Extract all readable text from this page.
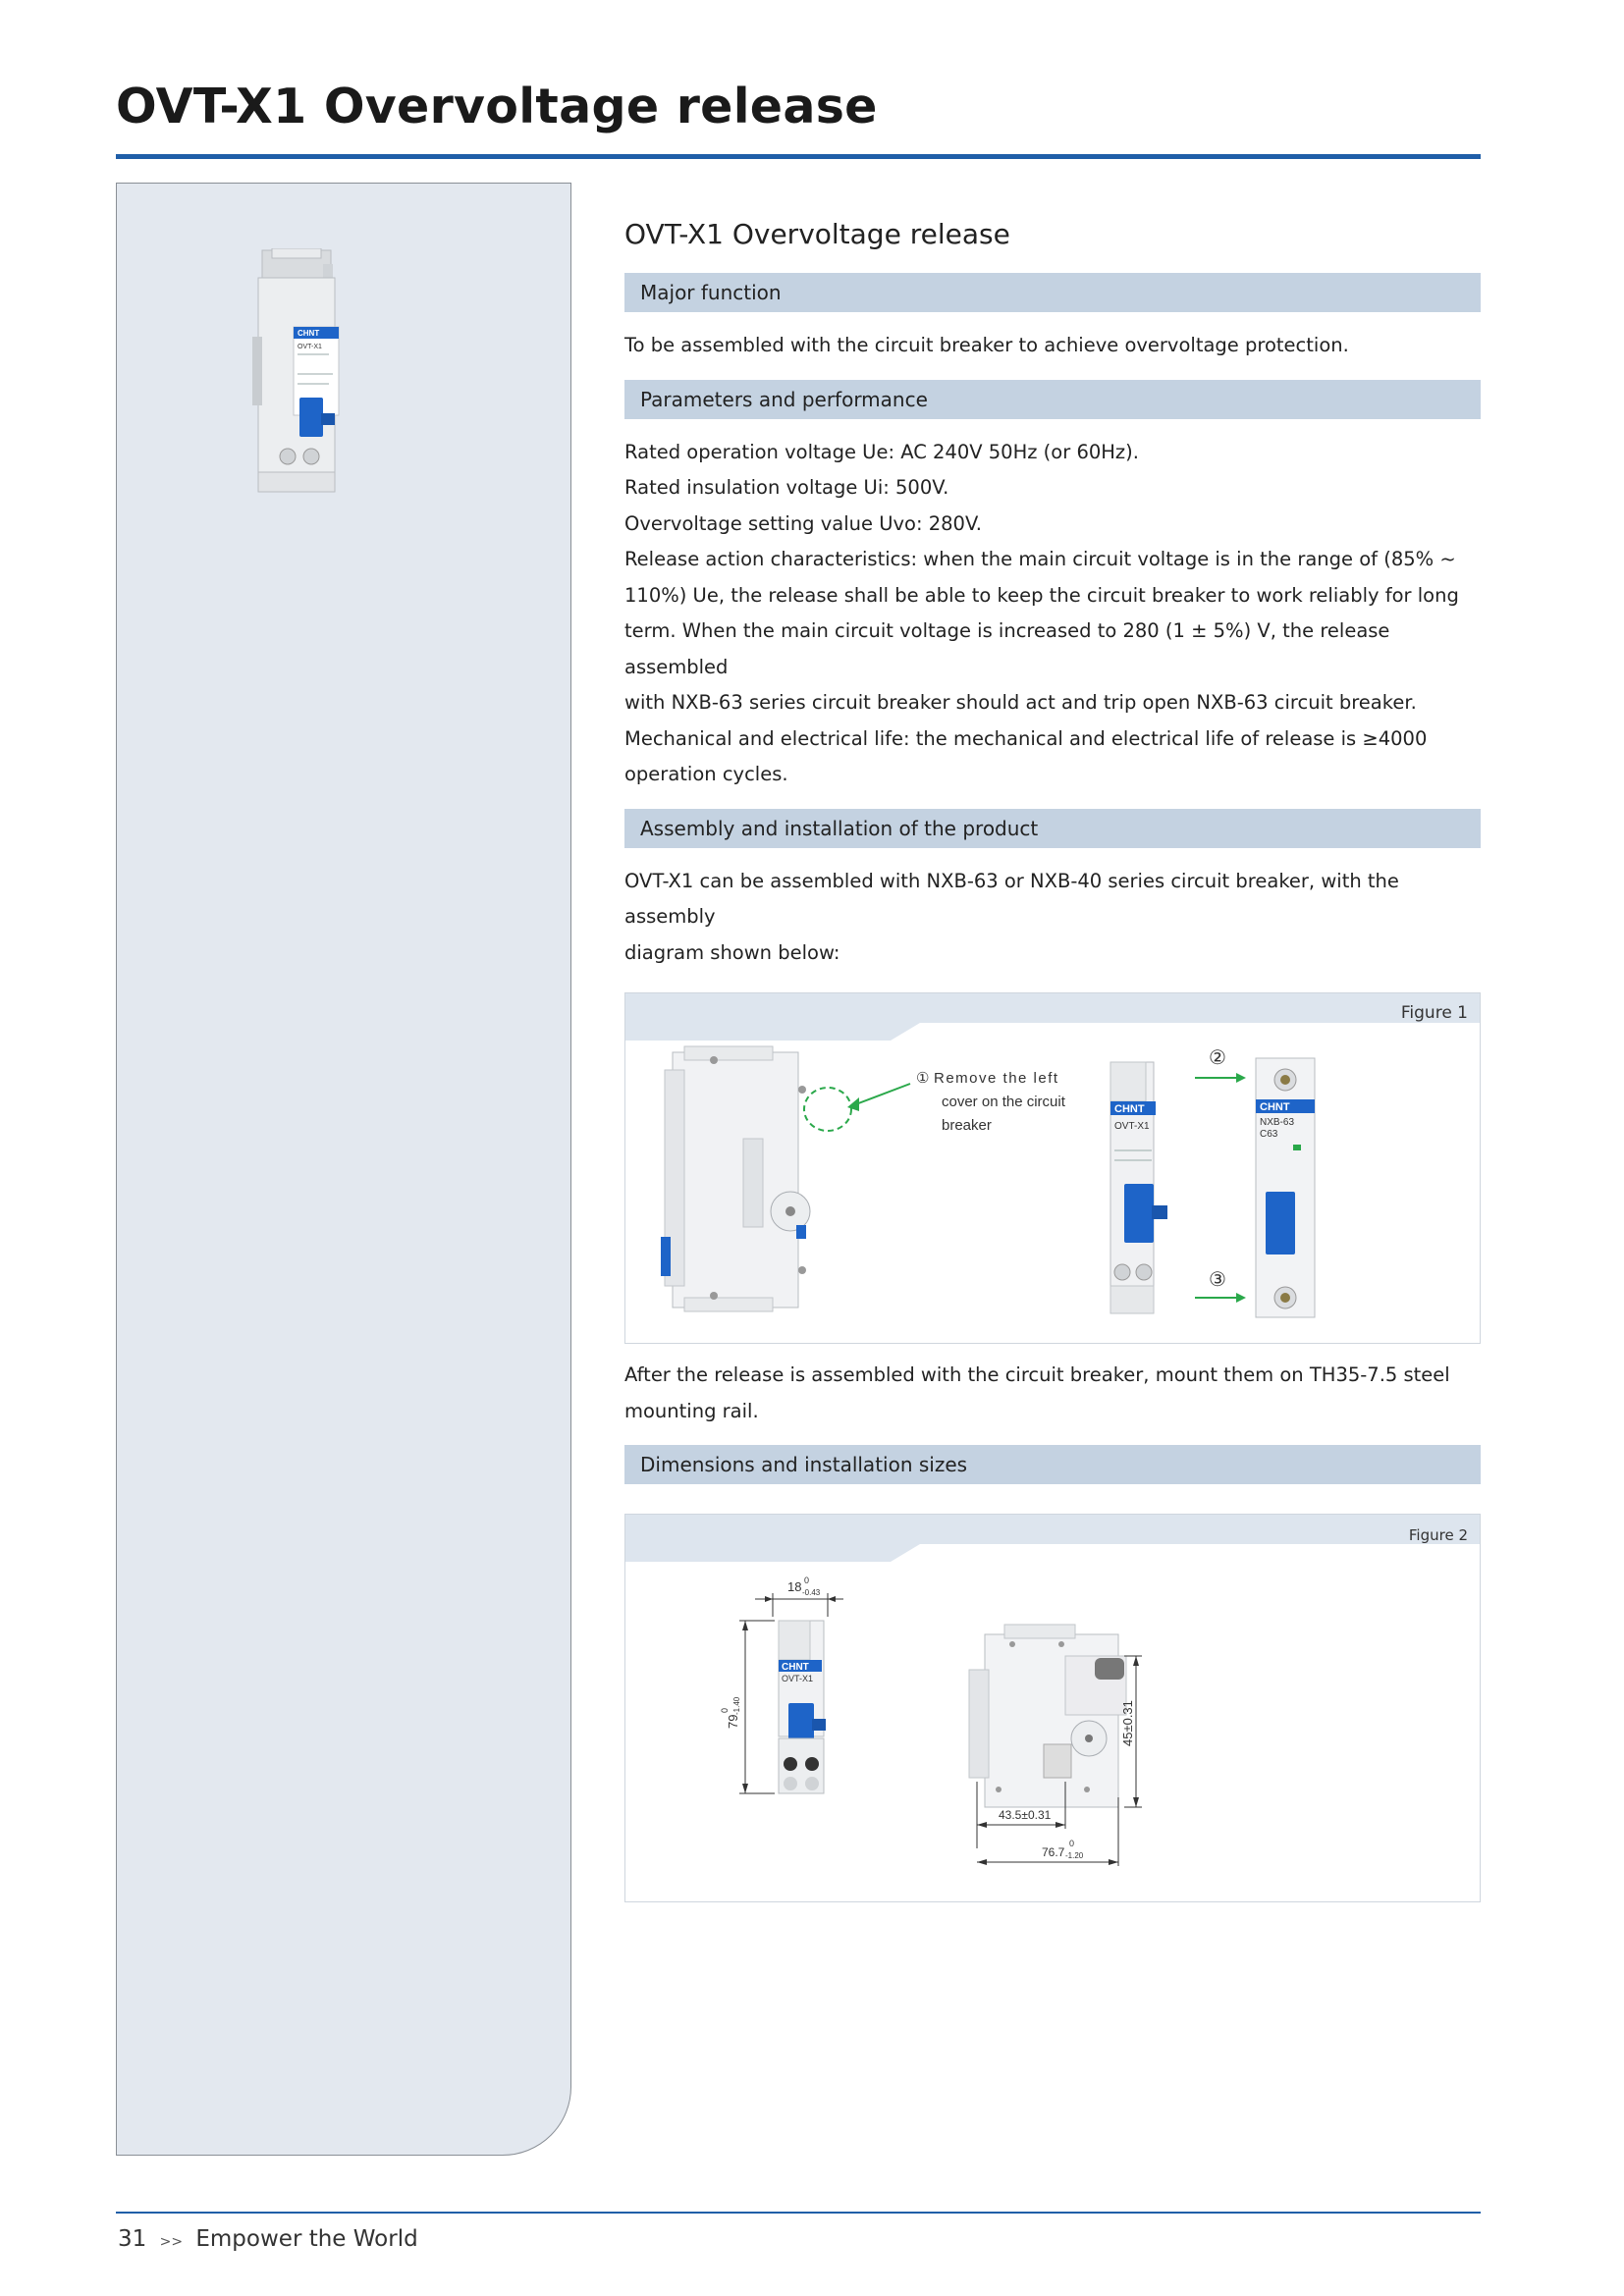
OVT-X1 Overvoltage release
CHNT
OVT-X1
OVT-X1 Overvoltage release
Major function

To be assembled with the circuit breaker to achieve overvoltage protection.

Parameters and performance

Rated operation voltage Ue: AC 240V 50Hz (or 60Hz).

Rated insulation voltage Ui: 500V.

Overvoltage setting value Uvo: 280V.

Release action characteristics: when the main circuit voltage is in the range of (85% ~

110%) Ue, the release shall be able to keep the circuit breaker to work reliably for long

term. When the main circuit voltage is increased to 280 (1 ± 5%) V, the release assembled

with NXB-63 series circuit breaker should act and trip open NXB-63 circuit breaker.

Mechanical and electrical life: the mechanical and electrical life of release is ≥4000

operation cycles.

Assembly and installation of the product

OVT-X1 can be assembled with NXB-63 or NXB-40 series circuit breaker, with the assembly

diagram shown below:

Figure 1
① Remove the left
cover on the circuit
breaker
CHNT
OVT-X1
②
③
CHNT
NXB-63
C63

After the release is assembled with the circuit breaker, mount them on TH35-7.5 steel

mounting rail.

Dimensions and installation sizes
Figure 2
CHNT
OVT-X1
18 0
-0.43
79
0 -1.40	45±0.31
43.5±0.31
76.7
0
-1.20
31 >> Empower the World
